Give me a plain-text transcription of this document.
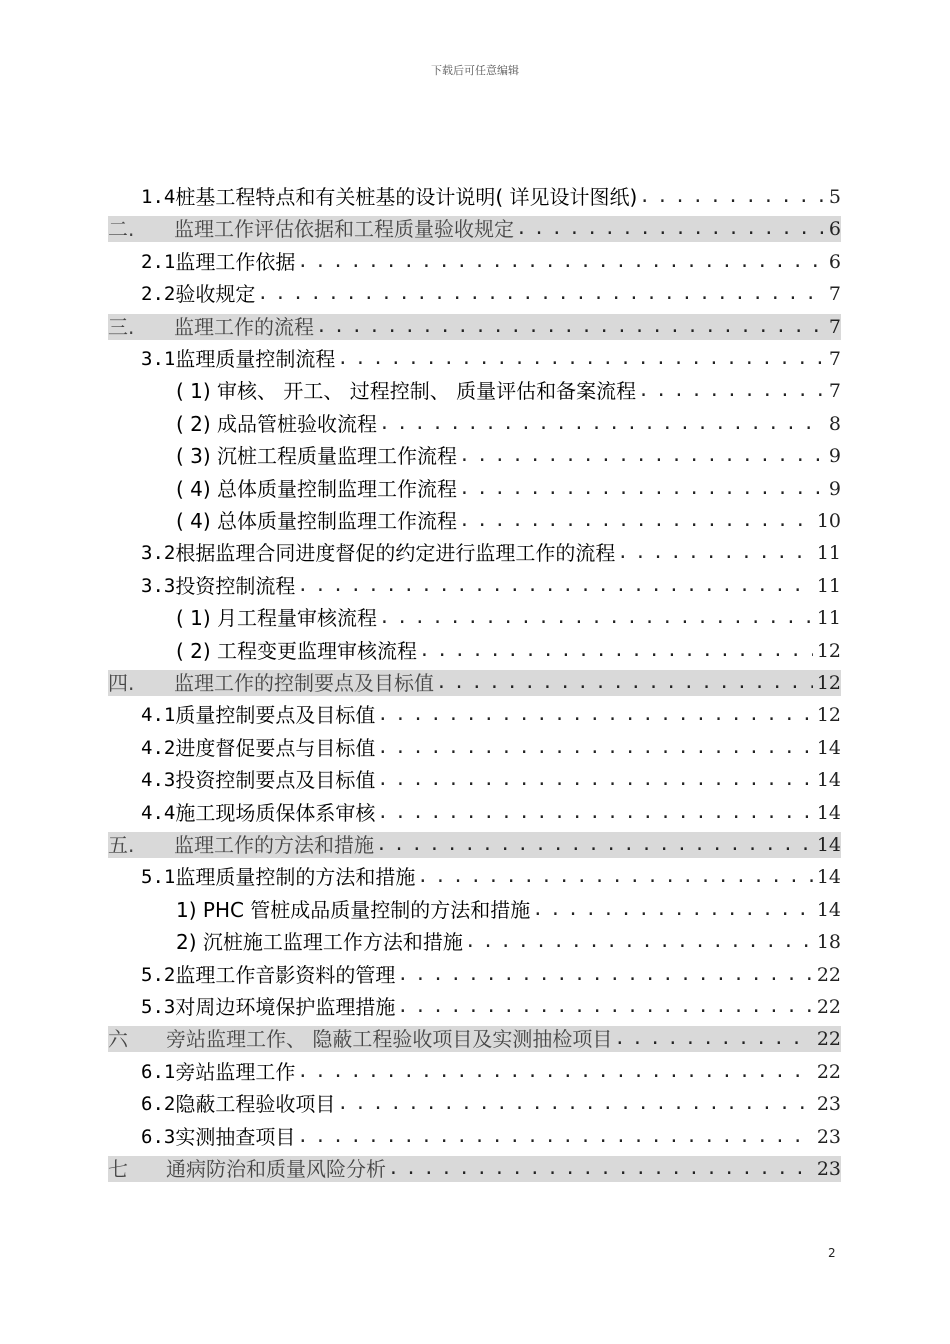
下载后可任意编辑
1.4 桩基工程特点和有关桩基的设计说明( 详见设计图纸) . . .	5
二.	监理工作评估依据和工程质量验收规定 . . .	6
2.1 监理工作依据 . . .	6
2.2 验收规定 . . .	7
三.	监理工作的流程 . . .	7
3.1 监理质量控制流程 . . .	7
( 1) 审核、 开工、 过程控制、 质量评估和备案流程 . . .	7
( 2) 成品管桩验收流程 . . .	8
( 3) 沉桩工程质量监理工作流程 . . .	9
( 4) 总体质量控制监理工作流程 . . .	9
( 4) 总体质量控制监理工作流程 . . .	10
3.2 根据监理合同进度督促的约定进行监理工作的流程 . . .	11
3.3 投资控制流程 . . .	11
( 1) 月工程量审核流程 . . .	11
( 2) 工程变更监理审核流程 . . .	12
四.	监理工作的控制要点及目标值 . . .	12
4.1 质量控制要点及目标值 . . .	12
4.2 进度督促要点与目标值 . . .	14
4.3 投资控制要点及目标值 . . .	14
4.4 施工现场质保体系审核 . . .	14
五.	监理工作的方法和措施 . . .	14
5.1 监理质量控制的方法和措施 . . .	14
1) PHC 管桩成品质量控制的方法和措施 . . .	14
2) 沉桩施工监理工作方法和措施 . . .	18
5.2 监理工作音影资料的管理 . . .	22
5.3 对周边环境保护监理措施 . . .	22
六	旁站监理工作、 隐蔽工程验收项目及实测抽检项目 . . .	22
6.1 旁站监理工作 . . .	22
6.2 隐蔽工程验收项目 . . .	23
6.3 实测抽查项目 . . .	23
七	通病防治和质量风险分析 . . .	23
2
